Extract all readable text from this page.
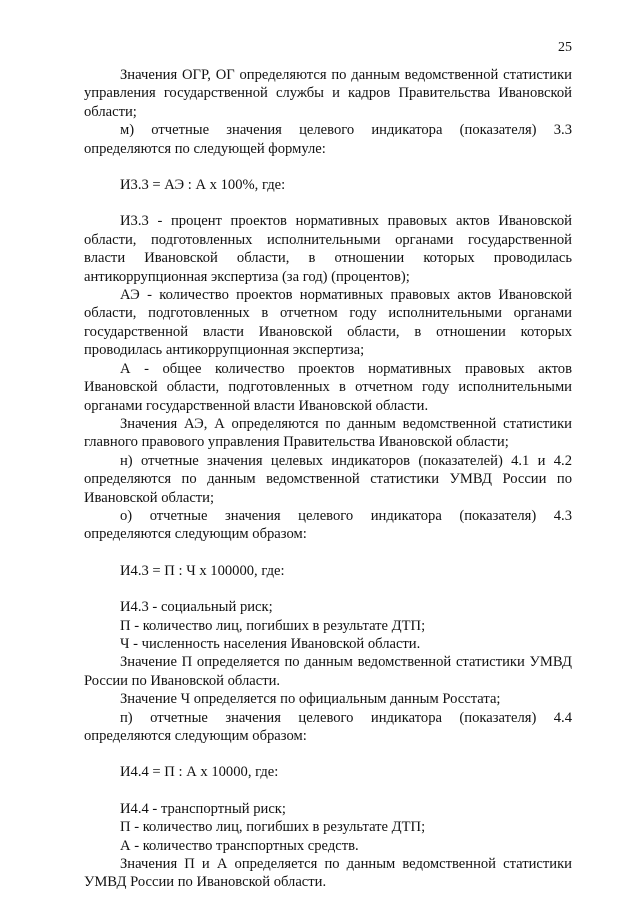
25

Значения ОГР, ОГ определяются по данным ведомственной статистики управления государственной службы и кадров Правительства Ивановской области;

м) отчетные значения целевого индикатора (показателя) 3.3 определяются по следующей формуле:

И3.3 = АЭ : А х 100%, где:

И3.3 - процент проектов нормативных правовых актов Ивановской области, подготовленных исполнительными органами государственной власти Ивановской области, в отношении которых проводилась антикоррупционная экспертиза (за год) (процентов);

АЭ - количество проектов нормативных правовых актов Ивановской области, подготовленных в отчетном году исполнительными органами государственной власти Ивановской области, в отношении которых проводилась антикоррупционная экспертиза;

А - общее количество проектов нормативных правовых актов Ивановской области, подготовленных в отчетном году исполнительными органами государственной власти Ивановской области.

Значения АЭ, А определяются по данным ведомственной статистики главного правового управления Правительства Ивановской области;

н) отчетные значения целевых индикаторов (показателей) 4.1 и 4.2 определяются по данным ведомственной статистики УМВД России по Ивановской области;

о) отчетные значения целевого индикатора (показателя) 4.3 определяются следующим образом:

И4.3 = П : Ч х 100000, где:

И4.3 - социальный риск;

П - количество лиц, погибших в результате ДТП;

Ч - численность населения Ивановской области.

Значение П определяется по данным ведомственной статистики УМВД России по Ивановской области.

Значение Ч определяется по официальным данным Росстата;

п) отчетные значения целевого индикатора (показателя) 4.4 определяются следующим образом:

И4.4 = П : А х 10000, где:

И4.4 - транспортный риск;

П - количество лиц, погибших в результате ДТП;

А - количество транспортных средств.

Значения П и А определяется по данным ведомственной статистики УМВД России по Ивановской области.
